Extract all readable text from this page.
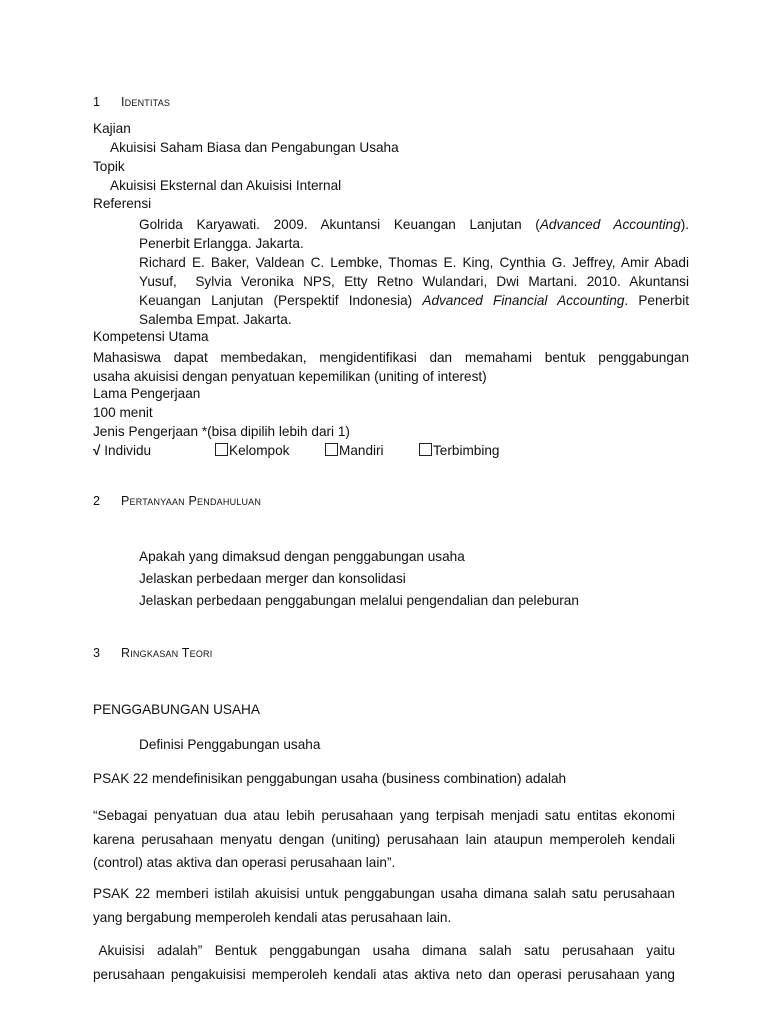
1 Identitas
Kajian
Akuisisi Saham Biasa dan Pengabungan Usaha
Topik
Akuisisi Eksternal dan Akuisisi Internal
Referensi
Golrida Karyawati. 2009. Akuntansi Keuangan Lanjutan (Advanced Accounting).
Penerbit Erlangga. Jakarta.
Richard E. Baker, Valdean C. Lembke, Thomas E. King, Cynthia G. Jeffrey, Amir Abadi
Yusuf,  Sylvia Veronika NPS, Etty Retno Wulandari, Dwi Martani. 2010. Akuntansi
Keuangan Lanjutan (Perspektif Indonesia) Advanced Financial Accounting. Penerbit
Salemba Empat. Jakarta.
Kompetensi Utama
Mahasiswa dapat membedakan, mengidentifikasi dan memahami bentuk penggabungan
usaha akuisisi dengan penyatuan kepemilikan (uniting of interest)
Lama Pengerjaan
100 menit
Jenis Pengerjaan *(bisa dipilih lebih dari 1)
√ Individu	Kelompok	Mandiri	Terbimbing
2 Pertanyaan Pendahuluan
Apakah yang dimaksud dengan penggabungan usaha
Jelaskan perbedaan merger dan konsolidasi
Jelaskan perbedaan penggabungan melalui pengendalian dan peleburan
3 Ringkasan Teori
PENGGABUNGAN USAHA
Definisi Penggabungan usaha
PSAK 22 mendefinisikan penggabungan usaha (business combination) adalah
“Sebagai penyatuan dua atau lebih perusahaan yang terpisah menjadi satu entitas ekonomi
karena perusahaan menyatu dengan (uniting) perusahaan lain ataupun memperoleh kendali
(control) atas aktiva dan operasi perusahaan lain”.
PSAK 22 memberi istilah akuisisi untuk penggabungan usaha dimana salah satu perusahaan
yang bergabung memperoleh kendali atas perusahaan lain.
Akuisisi  adalah”  Bentuk  penggabungan  usaha  dimana  salah  satu  perusahaan  yaitu
perusahaan pengakuisisi memperoleh kendali atas aktiva neto dan operasi perusahaan yang
